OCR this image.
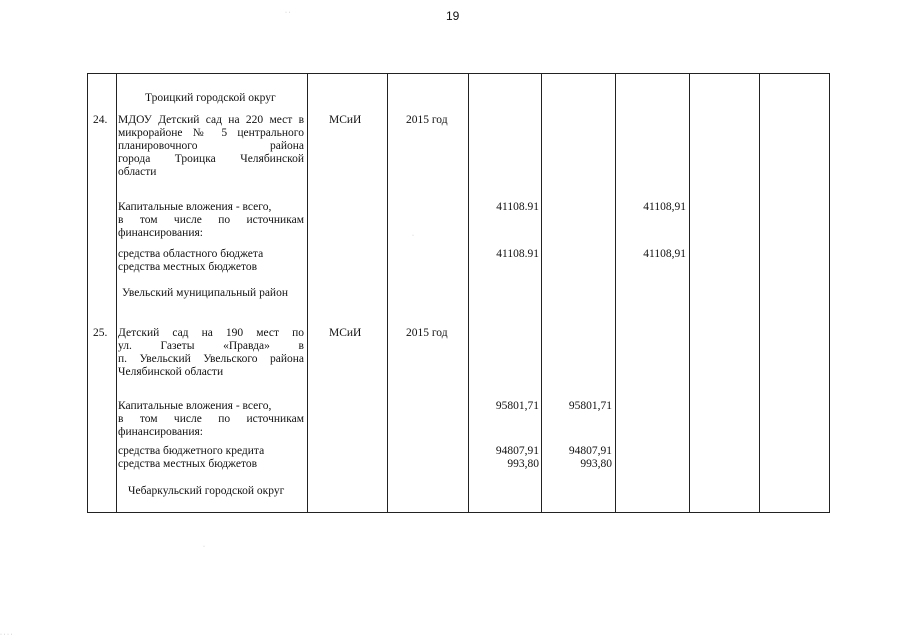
19
Троицкий городской округ
24. МДОУ Детский сад на 220 мест в
микрорайоне № 5 центрального
планировочного района
города Троицка Челябинской
области
МСиИ	2015 год
Капитальные вложения - всего,
в том числе по источникам
финансирования:
средства областного бюджета
средства местных бюджетов
41108.91
41108.91
41108,91
41108,91
Увельский муниципальный район
25. Детский сад на 190 мест по
ул. Газеты «Правда» в
п. Увельский Увельского района
Челябинской области
МСиИ	2015 год
Капитальные вложения - всего,
в том числе по источникам
финансирования:
средства бюджетного кредита
средства местных бюджетов
95801,71
94807,91
993,80
95801,71
94807,91
993,80
Чебаркульский городской округ
· ·
·
·
· · · ·
